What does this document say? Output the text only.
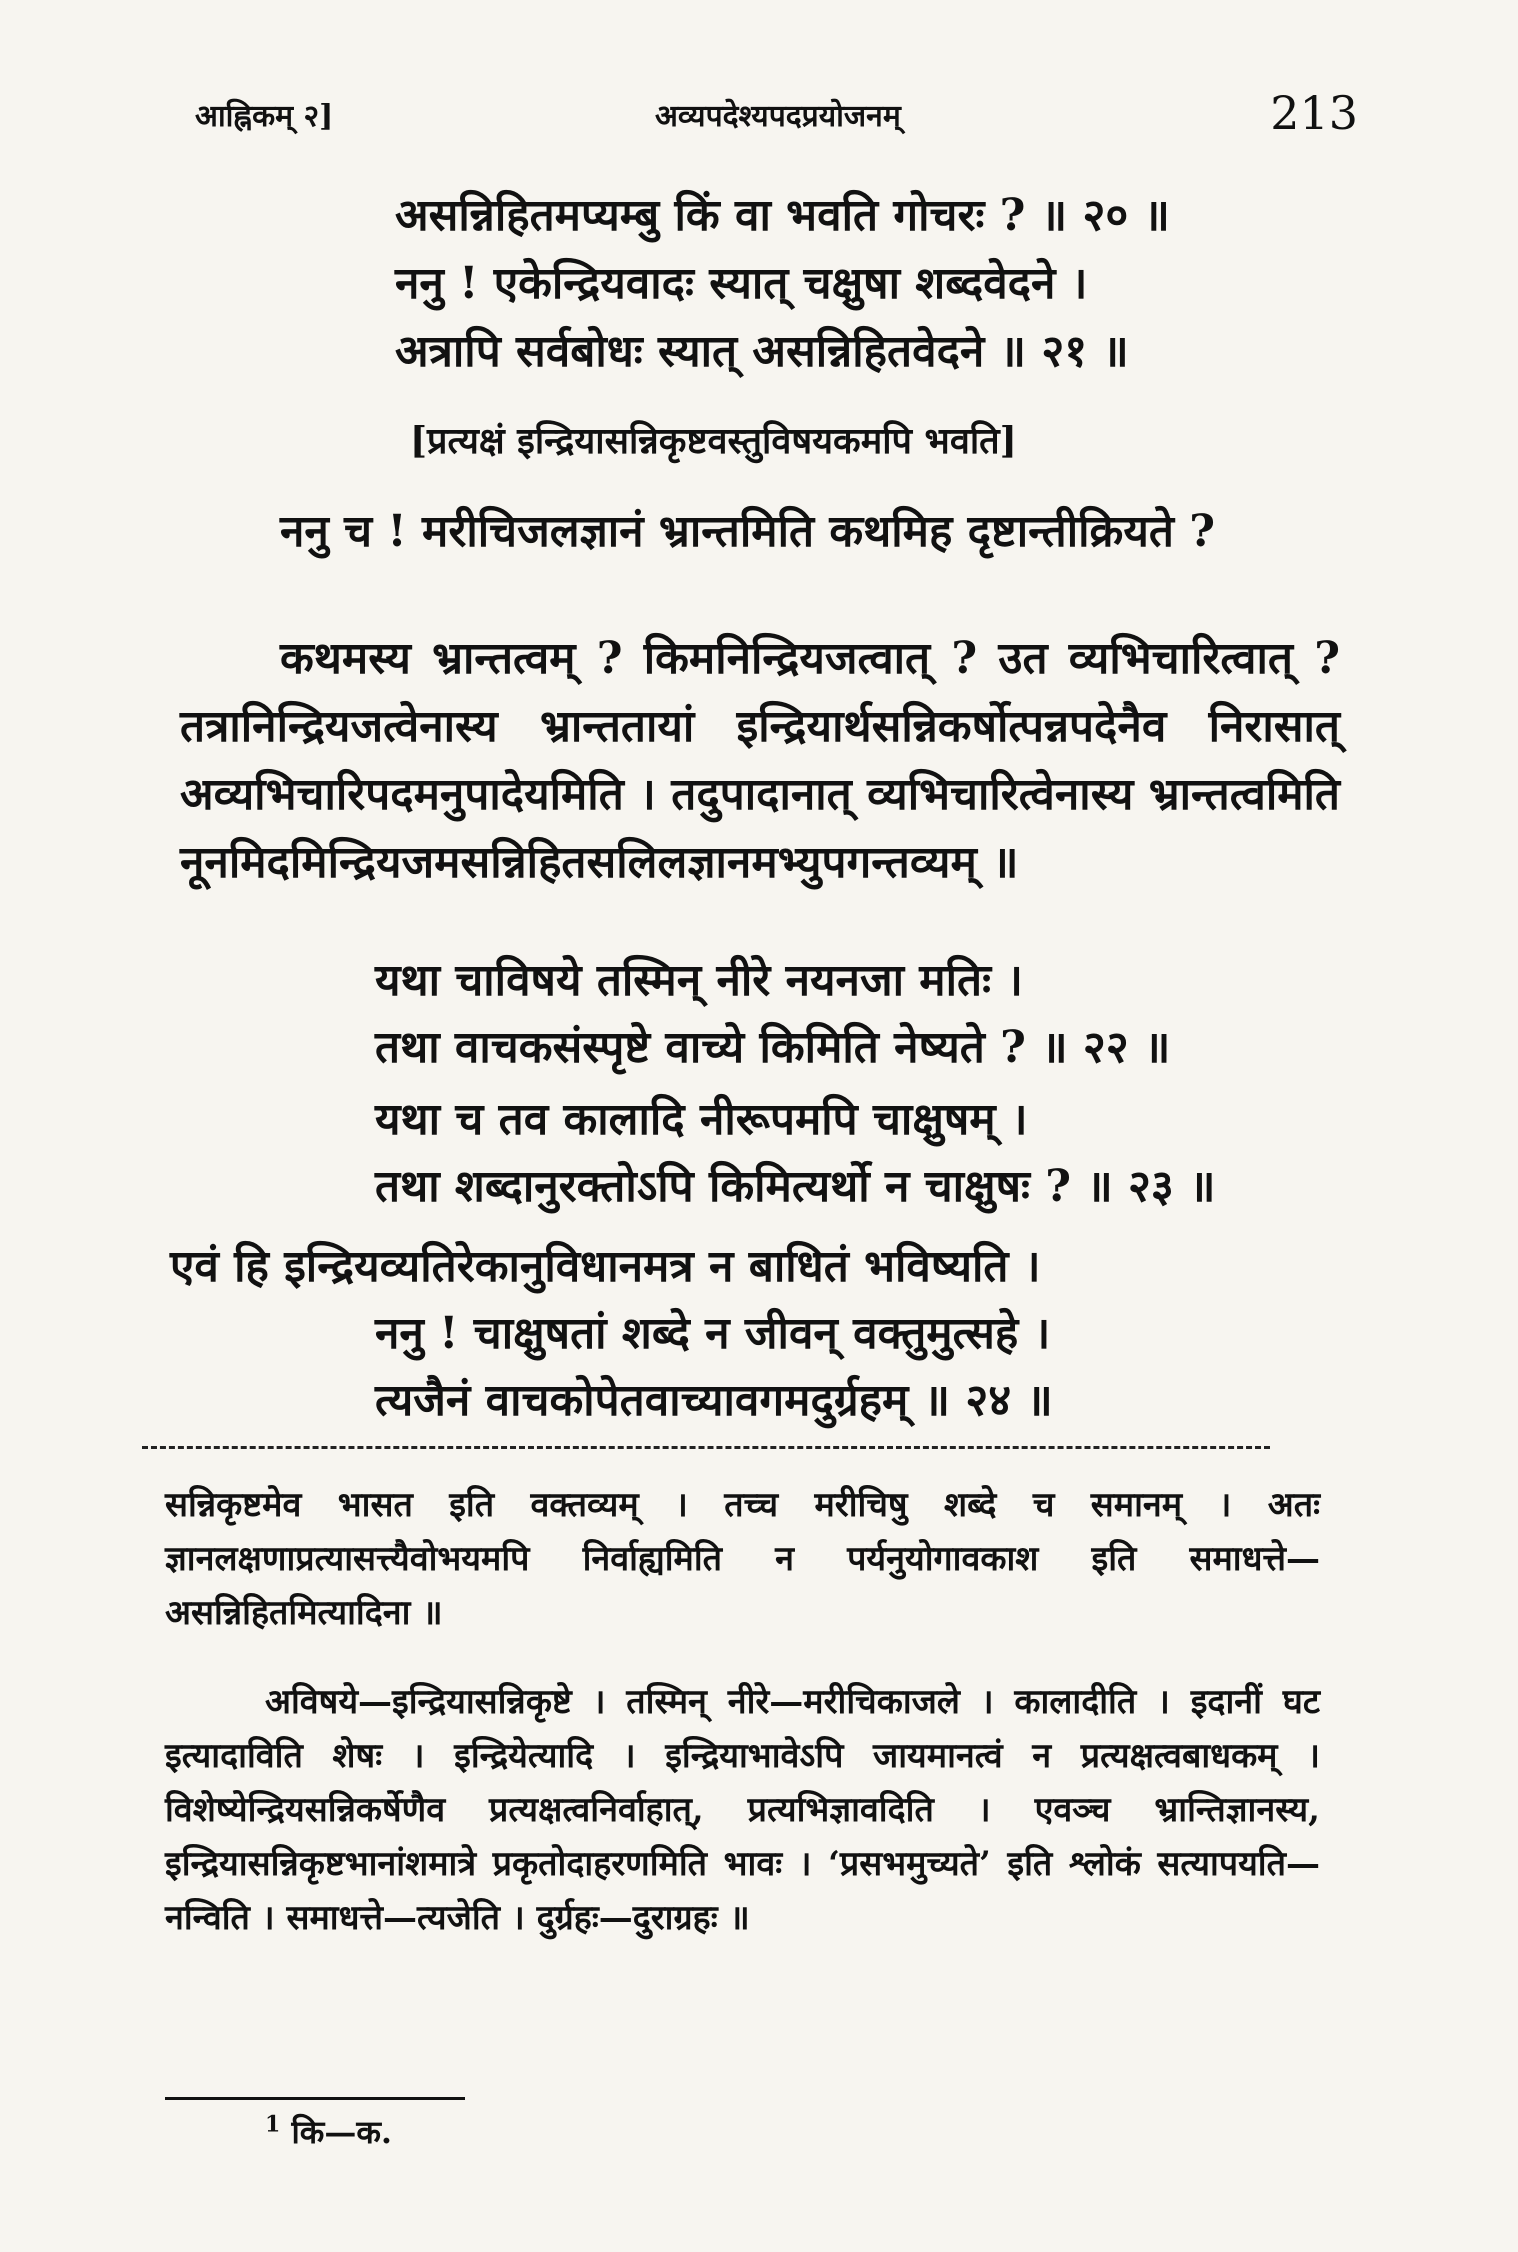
आह्निकम् २]	अव्यपदेश्यपदप्रयोजनम्	213
असन्निहितमप्यम्बु किं वा भवति गोचरः ? ॥ २० ॥
ननु ! एकेन्द्रियवादः स्यात् चक्षुषा शब्दवेदने ।
अत्रापि सर्वबोधः स्यात् असन्निहितवेदने ॥ २१ ॥
[प्रत्यक्षं इन्द्रियासन्निकृष्टवस्तुविषयकमपि भवति]
ननु च ! मरीचिजलज्ञानं भ्रान्तमिति कथमिह दृष्टान्तीक्रियते ?
कथमस्य भ्रान्तत्वम् ? किमनिन्द्रियजत्वात् ? उत व्यभिचारित्वात् ? तत्रानिन्द्रियजत्वेनास्य भ्रान्ततायां इन्द्रियार्थसन्निकर्षोत्पन्नपदेनैव निरासात् अव्यभिचारिपदमनुपादेयमिति । तदुपादानात् व्यभिचारित्वेनास्य भ्रान्तत्वमिति नूनमिदमिन्द्रियजमसन्निहितसलिलज्ञानमभ्युपगन्तव्यम् ॥
यथा चाविषये तस्मिन् नीरे नयनजा मतिः ।
तथा वाचकसंस्पृष्टे वाच्ये किमिति नेष्यते ? ॥ २२ ॥
यथा च तव कालादि नीरूपमपि चाक्षुषम् ।
तथा शब्दानुरक्तोऽपि किमित्यर्थो न चाक्षुषः ? ॥ २३ ॥
एवं हि इन्द्रियव्यतिरेकानुविधानमत्र न बाधितं भविष्यति ।
ननु ! चाक्षुषतां शब्दे न जीवन् वक्तुमुत्सहे ।
त्यजैनं वाचकोपेतवाच्यावगमदुर्ग्रहम् ॥ २४ ॥
सन्निकृष्टमेव भासत इति वक्तव्यम् । तच्च मरीचिषु शब्दे च समानम् । अतः ज्ञानलक्षणाप्रत्यासत्त्यैवोभयमपि निर्वाह्यमिति न पर्यनुयोगावकाश इति समाधत्ते—असन्निहितमित्यादिना ॥
अविषये—इन्द्रियासन्निकृष्टे । तस्मिन् नीरे—मरीचिकाजले । कालादीति । इदानीं घट इत्यादाविति शेषः । इन्द्रियेत्यादि । इन्द्रियाभावेऽपि जायमानत्वं न प्रत्यक्षत्वबाधकम् । विशेष्येन्द्रियसन्निकर्षेणैव प्रत्यक्षत्वनिर्वाहात्, प्रत्यभिज्ञावदिति । एवञ्च भ्रान्तिज्ञानस्य, इन्द्रियासन्निकृष्टभानांशमात्रे प्रकृतोदाहरणमिति भावः । ‘प्रसभमुच्यते’ इति श्लोकं सत्यापयति—नन्विति । समाधत्ते—त्यजेति । दुर्ग्रहः—दुराग्रहः ॥
$^1$ कि—क.
